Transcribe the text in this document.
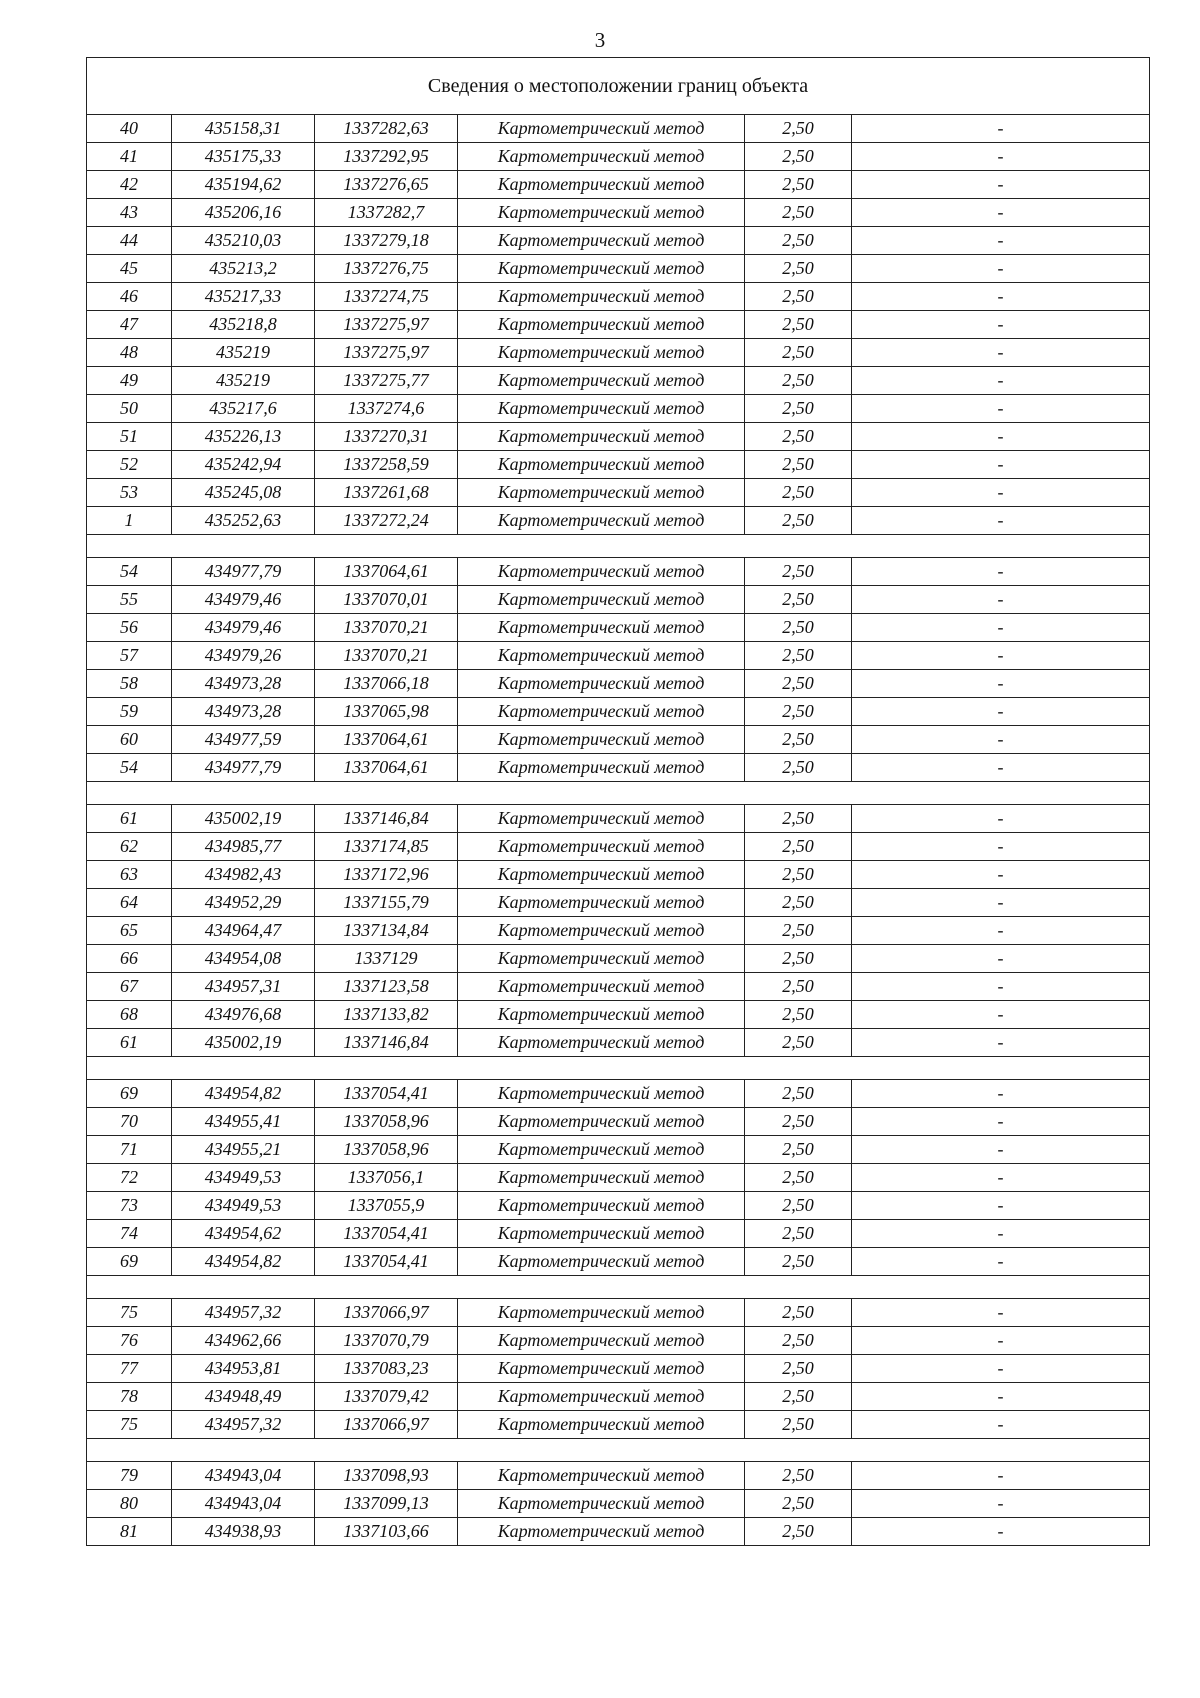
3
Сведения о местоположении границ объекта					
40	435158,31	1337282,63	Картометрический метод	2,50	-
41	435175,33	1337292,95	Картометрический метод	2,50	-
42	435194,62	1337276,65	Картометрический метод	2,50	-
43	435206,16	1337282,7	Картометрический метод	2,50	-
44	435210,03	1337279,18	Картометрический метод	2,50	-
45	435213,2	1337276,75	Картометрический метод	2,50	-
46	435217,33	1337274,75	Картометрический метод	2,50	-
47	435218,8	1337275,97	Картометрический метод	2,50	-
48	435219	1337275,97	Картометрический метод	2,50	-
49	435219	1337275,77	Картометрический метод	2,50	-
50	435217,6	1337274,6	Картометрический метод	2,50	-
51	435226,13	1337270,31	Картометрический метод	2,50	-
52	435242,94	1337258,59	Картометрический метод	2,50	-
53	435245,08	1337261,68	Картометрический метод	2,50	-
1	435252,63	1337272,24	Картометрический метод	2,50	-

54	434977,79	1337064,61	Картометрический метод	2,50	-
55	434979,46	1337070,01	Картометрический метод	2,50	-
56	434979,46	1337070,21	Картометрический метод	2,50	-
57	434979,26	1337070,21	Картометрический метод	2,50	-
58	434973,28	1337066,18	Картометрический метод	2,50	-
59	434973,28	1337065,98	Картометрический метод	2,50	-
60	434977,59	1337064,61	Картометрический метод	2,50	-
54	434977,79	1337064,61	Картометрический метод	2,50	-

61	435002,19	1337146,84	Картометрический метод	2,50	-
62	434985,77	1337174,85	Картометрический метод	2,50	-
63	434982,43	1337172,96	Картометрический метод	2,50	-
64	434952,29	1337155,79	Картометрический метод	2,50	-
65	434964,47	1337134,84	Картометрический метод	2,50	-
66	434954,08	1337129	Картометрический метод	2,50	-
67	434957,31	1337123,58	Картометрический метод	2,50	-
68	434976,68	1337133,82	Картометрический метод	2,50	-
61	435002,19	1337146,84	Картометрический метод	2,50	-

69	434954,82	1337054,41	Картометрический метод	2,50	-
70	434955,41	1337058,96	Картометрический метод	2,50	-
71	434955,21	1337058,96	Картометрический метод	2,50	-
72	434949,53	1337056,1	Картометрический метод	2,50	-
73	434949,53	1337055,9	Картометрический метод	2,50	-
74	434954,62	1337054,41	Картометрический метод	2,50	-
69	434954,82	1337054,41	Картометрический метод	2,50	-

75	434957,32	1337066,97	Картометрический метод	2,50	-
76	434962,66	1337070,79	Картометрический метод	2,50	-
77	434953,81	1337083,23	Картометрический метод	2,50	-
78	434948,49	1337079,42	Картометрический метод	2,50	-
75	434957,32	1337066,97	Картометрический метод	2,50	-

79	434943,04	1337098,93	Картометрический метод	2,50	-
80	434943,04	1337099,13	Картометрический метод	2,50	-
81	434938,93	1337103,66	Картометрический метод	2,50	-
